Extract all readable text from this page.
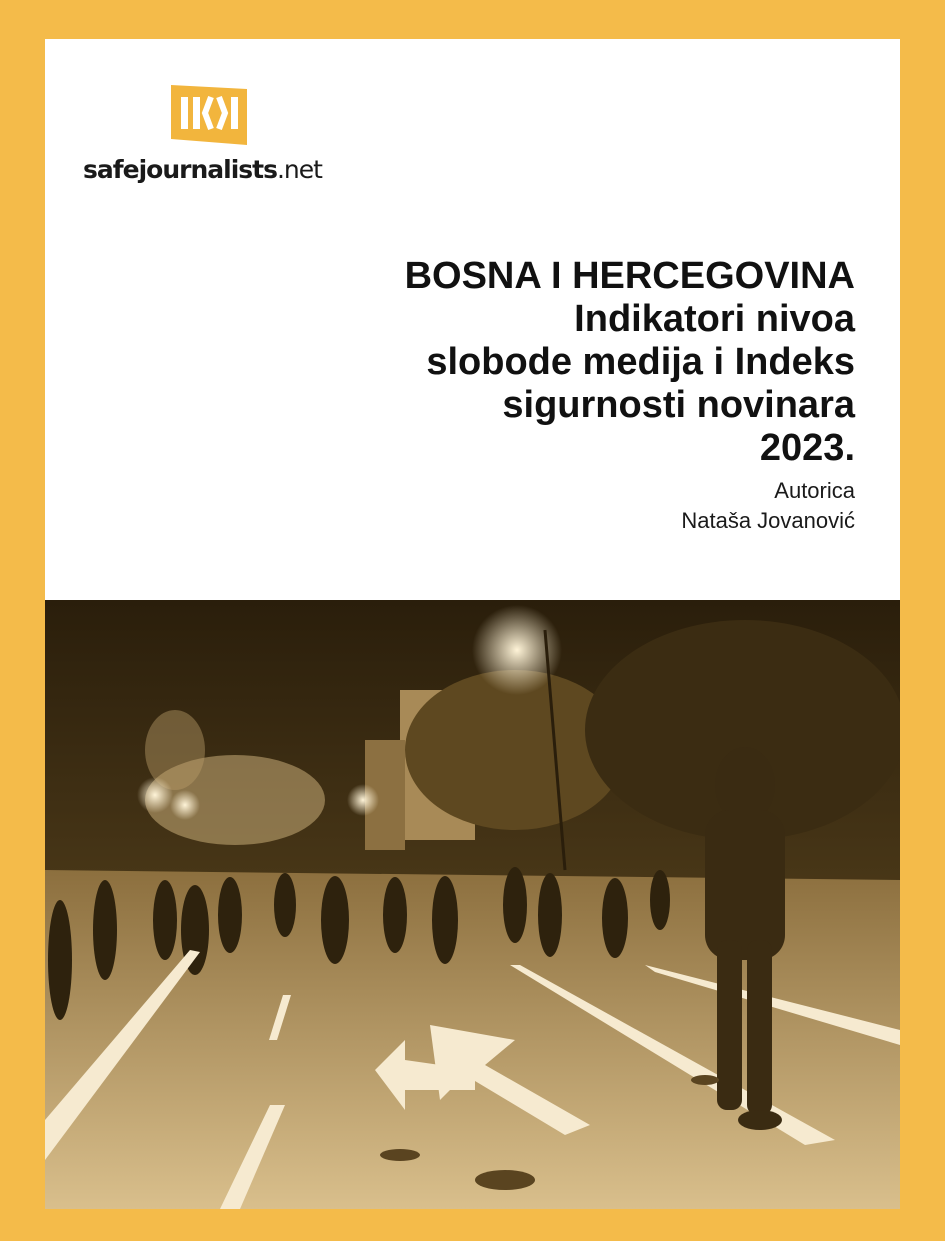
safejournalists.net
BOSNA I HERCEGOVINA
Indikatori nivoa
slobode medija i Indeks
sigurnosti novinara
2023.
Autorica
Nataša Jovanović
